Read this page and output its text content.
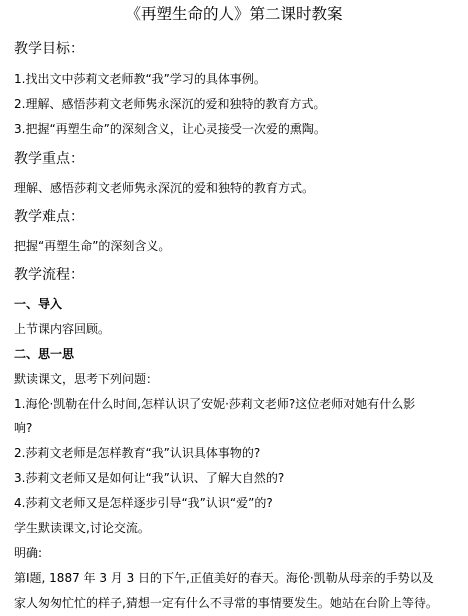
《再塑生命的人》第二课时教案
教学目标：
1.找出文中莎莉文老师教“我”学习的具体事例。
2.理解、感悟莎莉文老师隽永深沉的爱和独特的教育方式。
3.把握“再塑生命”的深刻含义，让心灵接受一次爱的熏陶。
教学重点：
理解、感悟莎莉文老师隽永深沉的爱和独特的教育方式。
教学难点：
把握“再塑生命”的深刻含义。
教学流程：
一、导入
上节课内容回顾。
二、思一思
默读课文，思考下列问题：
1.海伦·凯勒在什么时间,怎样认识了安妮·莎莉文老师?这位老师对她有什么影
响?
2.莎莉文老师是怎样教育“我”认识具体事物的?
3.莎莉文老师又是如何让“我”认识、了解大自然的?
4.莎莉文老师又是怎样逐步引导“我”认识“爱”的?
学生默读课文,讨论交流。
明确:
第Ⅰ题, 1887 年 3 月 3 日的下午,正值美好的春天。海伦·凯勒从母亲的手势以及
家人匆匆忙忙的样子,猜想一定有什么不寻常的事情要发生。她站在台阶上等待。
